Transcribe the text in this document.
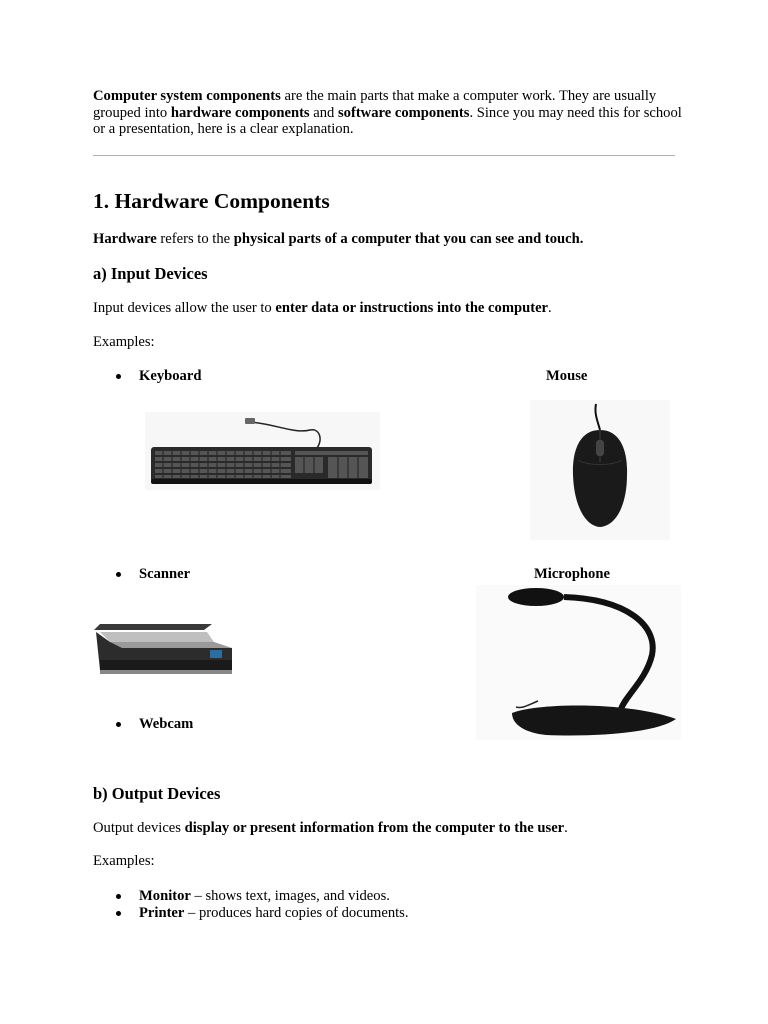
Computer system components are the main parts that make a computer work. They are usually grouped into hardware components and software components. Since you may need this for school or a presentation, here is a clear explanation.
1. Hardware Components
Hardware refers to the physical parts of a computer that you can see and touch.
a) Input Devices
Input devices allow the user to enter data or instructions into the computer.
Examples:
Keyboard	Mouse
Scanner	Microphone
Webcam
b) Output Devices
Output devices display or present information from the computer to the user.
Examples:
Monitor – shows text, images, and videos.
Printer – produces hard copies of documents.
